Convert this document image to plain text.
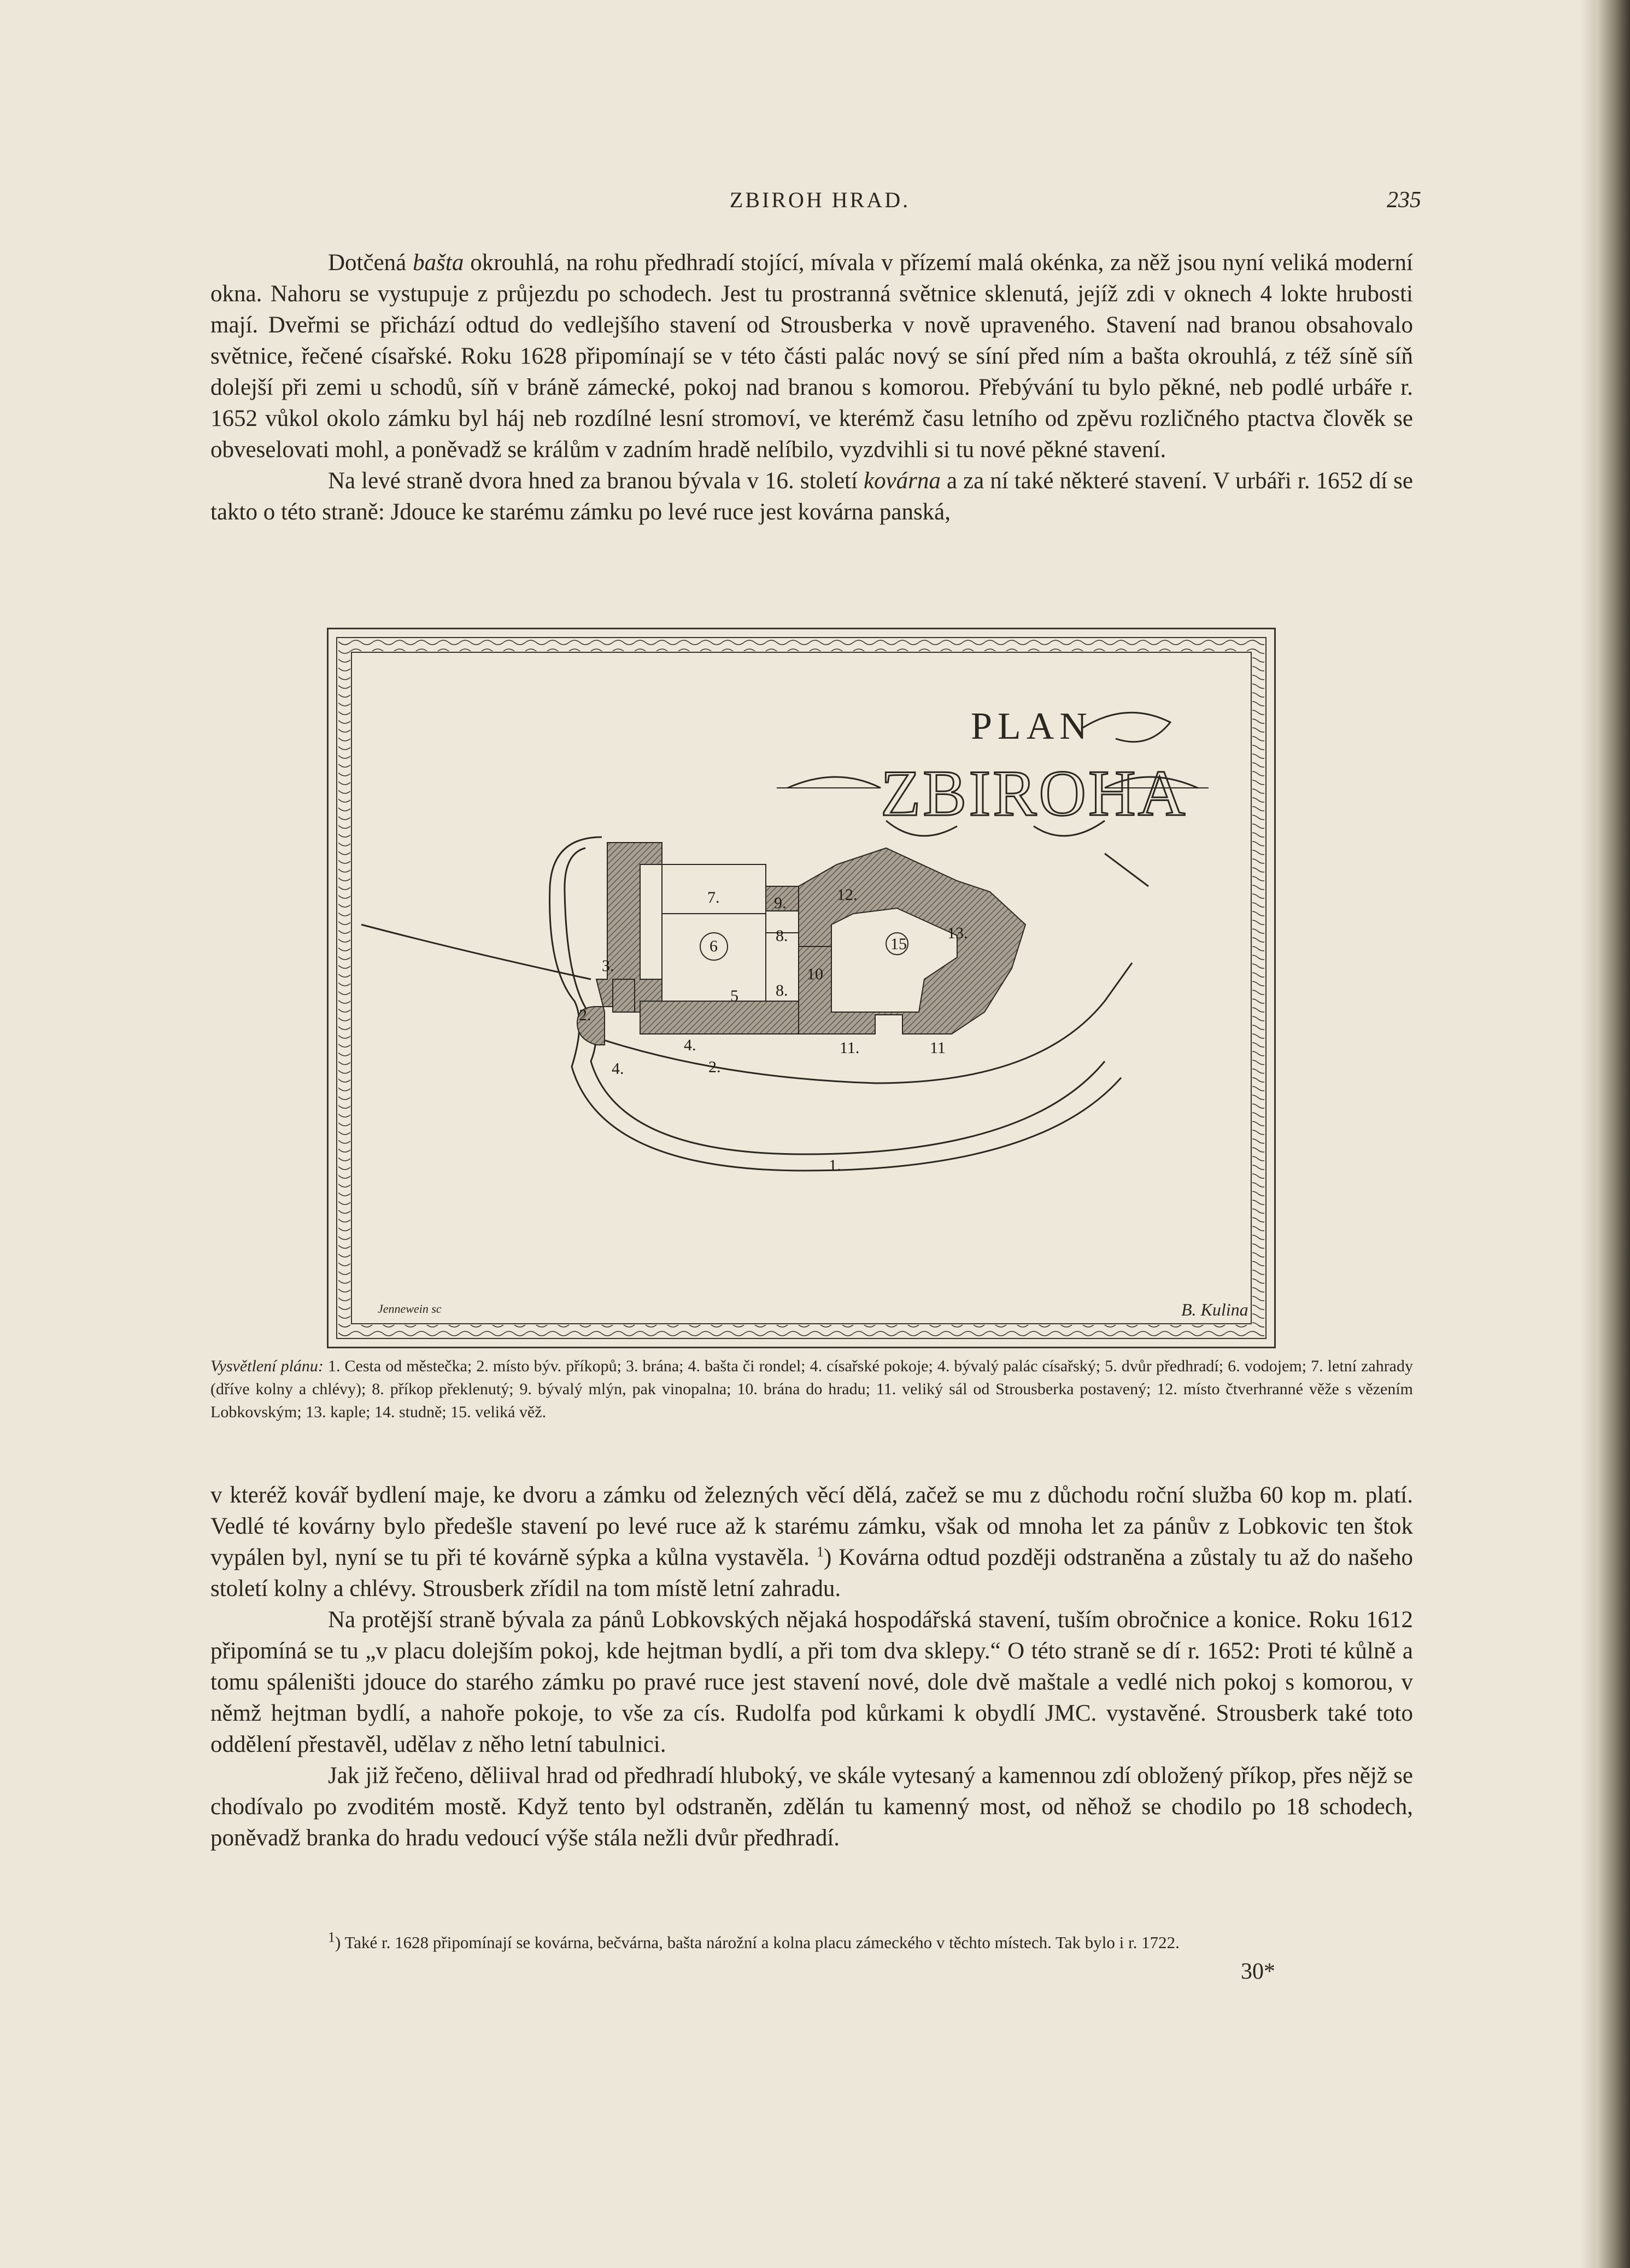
ZBIROH HRAD.	235

Dotčená bašta okrouhlá, na rohu předhradí stojící, mívala v přízemí malá okénka, za něž jsou nyní veliká moderní okna. Nahoru se vystupuje z průjezdu po schodech. Jest tu prostranná světnice sklenutá, jejíž zdi v oknech 4 lokte hrubosti mají. Dveřmi se přichází odtud do vedlejšího stavení od Strousberka v nově upraveného. Stavení nad branou obsahovalo světnice, řečené císařské. Roku 1628 připomínají se v této části palác nový se síní před ním a bašta okrouhlá, z též síně síň dolejší při zemi u schodů, síň v bráně zámecké, pokoj nad branou s komorou. Přebývání tu bylo pěkné, neb podlé urbáře r. 1652 vůkol okolo zámku byl háj neb rozdílné lesní stromoví, ve kterémž času letního od zpěvu rozličného ptactva člověk se obveselovati mohl, a poněvadž se králům v zadním hradě nelíbilo, vyzdvihli si tu nové pěkné stavení.

Na levé straně dvora hned za branou bývala v 16. století kovárna a za ní také některé stavení. V urbáři r. 1652 dí se takto o této straně: Jdouce ke starému zámku po levé ruce jest kovárna panská,

PLAN
ZBIROHA
1.
2.
2.
3.
4.
4.
5
6
7.
8.
8.
9.
10
11.	11
12.
13.
15
Jennewein sc	B. Kulina
Vysvětlení plánu: 1. Cesta od městečka; 2. místo býv. příkopů; 3. brána; 4. bašta či rondel; 4. císařské pokoje; 4. bývalý palác císařský; 5. dvůr předhradí; 6. vodojem; 7. letní zahrady (dříve kolny a chlévy); 8. příkop překlenutý; 9. bývalý mlýn, pak vinopalna; 10. brána do hradu; 11. veliký sál od Strousberka postavený; 12. místo čtverhranné věže s vězením Lobkovským; 13. kaple; 14. studně; 15. veliká věž.

v kteréž kovář bydlení maje, ke dvoru a zámku od železných věcí dělá, začež se mu z důchodu roční služba 60 kop m. platí. Vedlé té kovárny bylo předešle stavení po levé ruce až k starému zámku, však od mnoha let za pánův z Lobkovic ten štok vypálen byl, nyní se tu při té kovárně sýpka a kůlna vystavěla. $^1$) Kovárna odtud později odstraněna a zůstaly tu až do našeho století kolny a chlévy. Strousberk zřídil na tom místě letní zahradu.

Na protější straně bývala za pánů Lobkovských nějaká hospodářská stavení, tuším obročnice a konice. Roku 1612 připomíná se tu „v placu dolejším pokoj, kde hejtman bydlí, a při tom dva sklepy.“ O této straně se dí r. 1652: Proti té kůlně a tomu spáleništi jdouce do starého zámku po pravé ruce jest stavení nové, dole dvě maštale a vedlé nich pokoj s komorou, v němž hejtman bydlí, a nahoře pokoje, to vše za cís. Rudolfa pod kůrkami k obydlí JMC. vystavěné. Strousberk také toto oddělení přestavěl, udělav z něho letní tabulnici.

Jak již řečeno, děliival hrad od předhradí hluboký, ve skále vytesaný a kamennou zdí obložený příkop, přes nějž se chodívalo po zvoditém mostě. Když tento byl odstraněn, zdělán tu kamenný most, od něhož se chodilo po 18 schodech, poněvadž branka do hradu vedoucí výše stála nežli dvůr předhradí.

$^1$) Také r. 1628 připomínají se kovárna, bečvárna, bašta nárožní a kolna placu zámeckého v těchto místech. Tak bylo i r. 1722.
30*
